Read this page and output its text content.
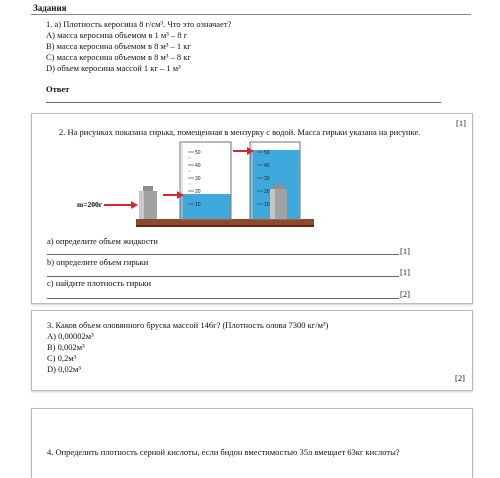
Задания
1. а) Плотность керосина 8 г/см³. Что это означает?
A) масса керосина объемом в 1 м³ – 8 г
B) масса керосина объемом в 8 м³ – 1 кг
C) масса керосина объемом в 8 м³ – 8 кг
D) объем керосина массой 1 кг – 1 м³
Ответ
[1]
2. На рисунках показана гирька, помещенная в мензурку с водой. Масса гирьки указана на рисунке.
50
40
30
20
10
50
40
30
20
10
m=200г
a) определите объем жидкости
[1]
b) определите объем гирьки
[1]
c) найдите плотность гирьки
[2]
3. Каков объем оловянного бруска массой 146г? (Плотность олова 7300 кг/м³)
A) 0,00002м³
B) 0,002м³
C) 0,2м³
D) 0,02м³
[2]
4. Определить плотность серной кислоты, если бидон вместимостью 35л вмещает 63кг кислоты?
